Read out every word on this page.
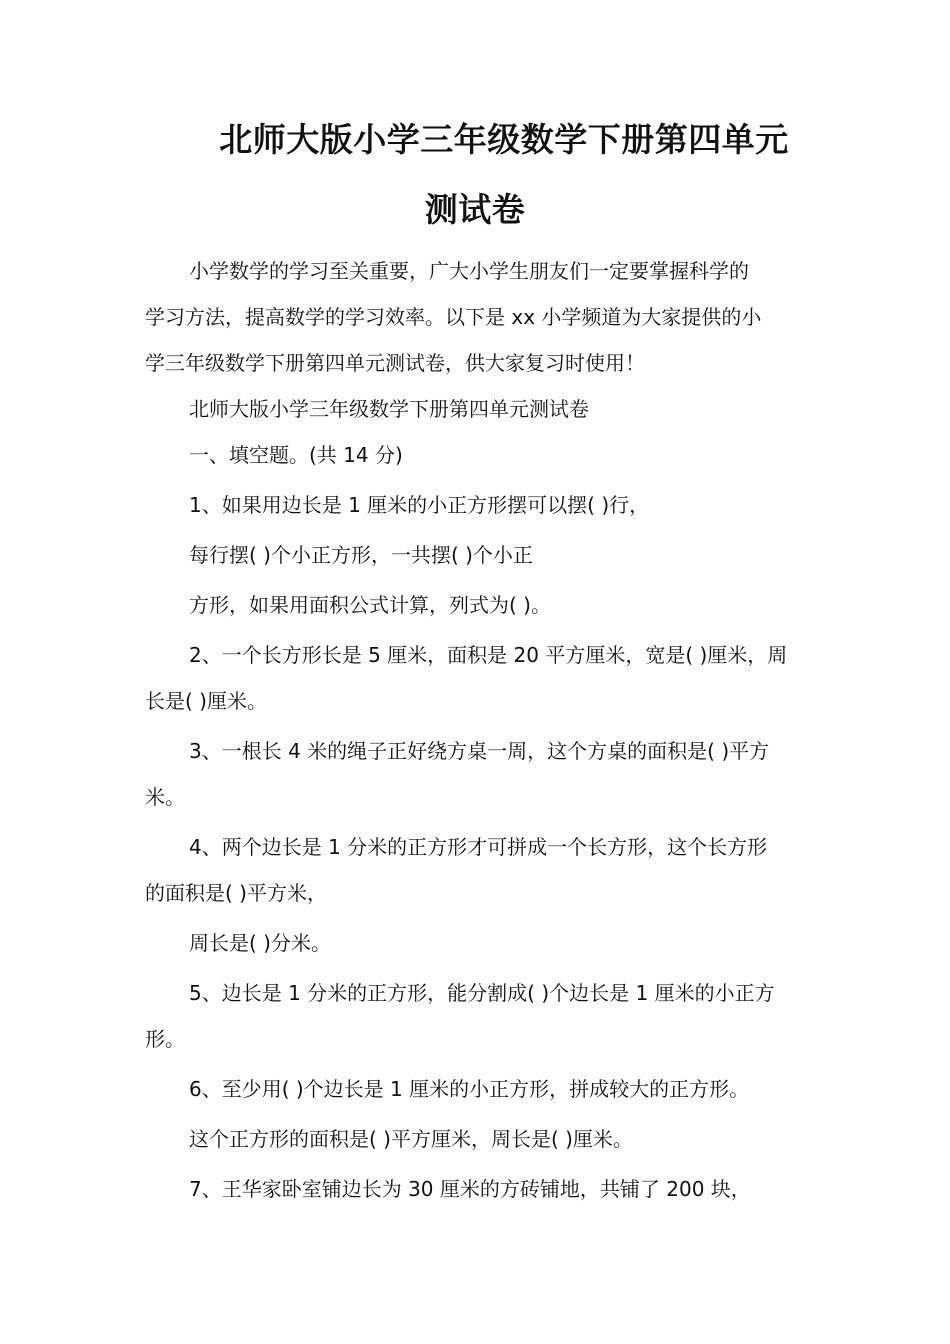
北师大版小学三年级数学下册第四单元
测试卷

小学数学的学习至关重要，广大小学生朋友们一定要掌握科学的

学习方法，提高数学的学习效率。以下是 xx 小学频道为大家提供的小

学三年级数学下册第四单元测试卷，供大家复习时使用！

北师大版小学三年级数学下册第四单元测试卷

一、填空题。(共 14 分)

1、如果用边长是 1 厘米的小正方形摆可以摆( )行，

每行摆( )个小正方形，一共摆( )个小正

方形，如果用面积公式计算，列式为( )。

2、一个长方形长是 5 厘米，面积是 20 平方厘米，宽是( )厘米，周

长是( )厘米。

3、一根长 4 米的绳子正好绕方桌一周，这个方桌的面积是( )平方

米。

4、两个边长是 1 分米的正方形才可拼成一个长方形，这个长方形

的面积是( )平方米，

周长是( )分米。

5、边长是 1 分米的正方形，能分割成( )个边长是 1 厘米的小正方

形。

6、至少用( )个边长是 1 厘米的小正方形，拼成较大的正方形。

这个正方形的面积是( )平方厘米，周长是( )厘米。

7、王华家卧室铺边长为 30 厘米的方砖铺地，共铺了 200 块，
